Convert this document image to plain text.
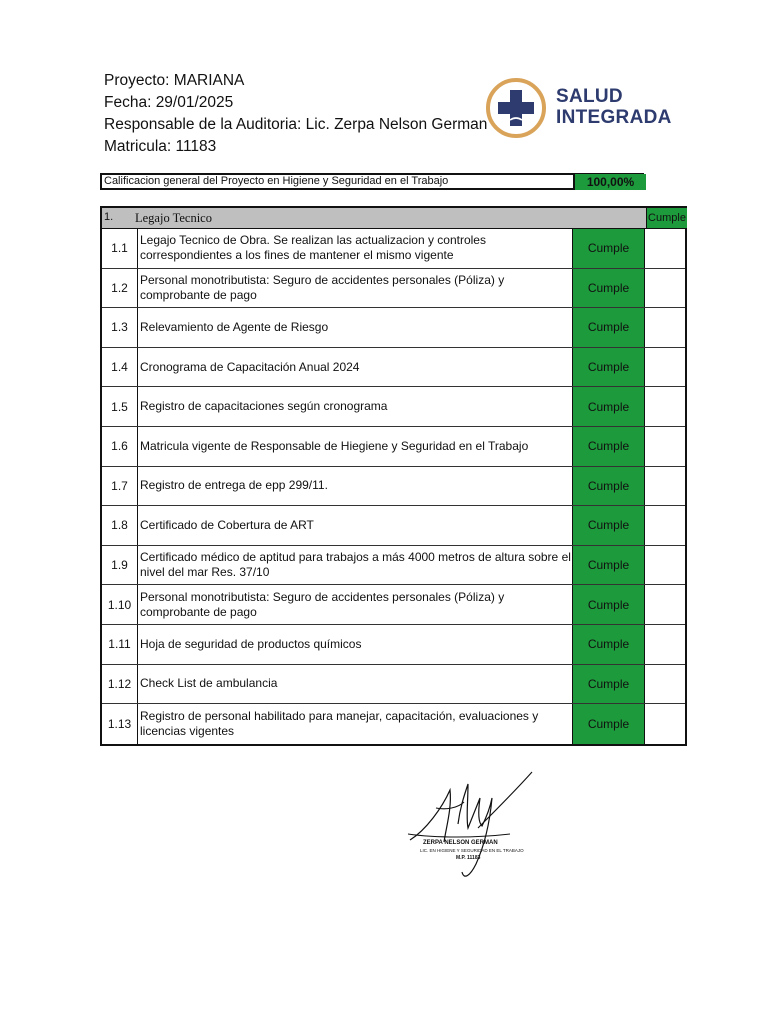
Proyecto: MARIANA
Fecha: 29/01/2025
Responsable de la Auditoria: Lic. Zerpa Nelson German
Matricula: 11183
SALUD
INTEGRADA
Calificacion general del Proyecto en Higiene y Seguridad en el Trabajo	100,00%
1. Legajo Tecnico	Cumple
1.1
Legajo Tecnico de Obra. Se realizan las actualizacion y controles correspondientes a los fines de mantener el mismo vigente	Cumple
1.2
Personal monotributista: Seguro de accidentes personales (Póliza) y comprobante de pago	Cumple
1.3	Relevamiento de Agente de Riesgo	Cumple
1.4	Cronograma de Capacitación Anual 2024	Cumple
1.5	Registro de capacitaciones según cronograma	Cumple
1.6	Matricula vigente de Responsable de Hiegiene y Seguridad en el Trabajo	Cumple
1.7	Registro de entrega de epp 299/11.	Cumple
1.8	Certificado de Cobertura de ART	Cumple
1.9
Certificado médico de aptitud para trabajos a más 4000 metros de altura sobre el nivel del mar Res. 37/10	Cumple
1.10
Personal monotributista: Seguro de accidentes personales (Póliza) y comprobante de pago	Cumple
1.11 Hoja de seguridad de productos químicos	Cumple
1.12 Check List de ambulancia	Cumple
1.13
Registro de personal habilitado para manejar, capacitación, evaluaciones y licencias vigentes	Cumple
ZERPA NELSON GERMAN
LIC. EN HIGIENE Y SEGURIDAD EN EL TRABAJO
M.P. 11183
